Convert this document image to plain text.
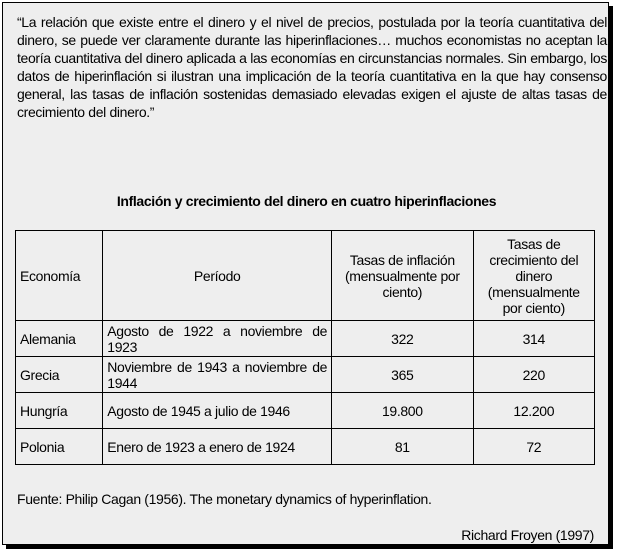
“La relación que existe entre el dinero y el nivel de precios, postulada por la teoría cuantitativa del dinero, se puede ver claramente durante las hiperinflaciones… muchos economistas no aceptan la teoría cuantitativa del dinero aplicada a las economías en circunstancias normales. Sin embargo, los datos de hiperinflación si ilustran una implicación de la teoría cuantitativa en la que hay consenso general, las tasas de inflación sostenidas demasiado elevadas exigen el ajuste de altas tasas de crecimiento del dinero.”

Inflación y crecimiento del dinero en cuatro hiperinflaciones
Economía	Período	Tasas de inflación (mensualmente por ciento)	Tasas de crecimiento del dinero (mensualmente por ciento)
Alemania	Agosto de 1922 a noviembre de 1923	322	314
Grecia	Noviembre de 1943 a noviembre de 1944	365	220
Hungría	Agosto de 1945 a julio de 1946	19.800	12.200
Polonia	Enero de 1923 a enero de 1924	81	72
Fuente: Philip Cagan (1956). The monetary dynamics of hyperinflation.
Richard Froyen (1997)
